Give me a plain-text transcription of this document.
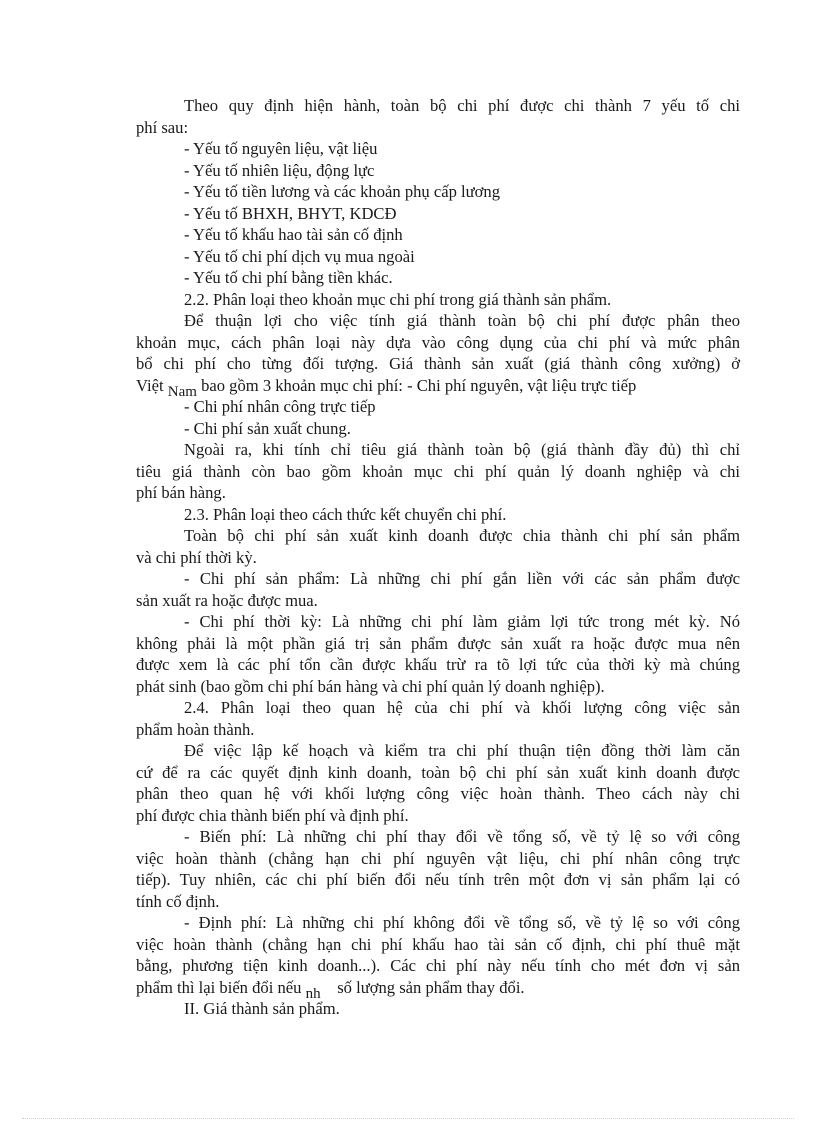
Theo quy định hiện hành, toàn bộ chi phí được chi thành 7 yếu tố chi
phí sau:
- Yếu tố nguyên liệu, vật liệu
- Yếu tố nhiên liệu, động lực
- Yếu tố tiền lương và các khoản phụ cấp lương
- Yếu tố BHXH, BHYT, KDCĐ
- Yếu tố khấu hao tài sản cố định
- Yếu tố chi phí dịch vụ mua ngoài
- Yếu tố chi phí bằng tiền khác.
2.2. Phân loại theo khoản mục chi phí trong giá thành sản phẩm.
Để thuận lợi cho việc tính giá thành toàn bộ chi phí được phân theo
khoản mục, cách phân loại này dựa vào công dụng của chi phí và mức phân
bổ chi phí cho từng đối tượng. Giá thành sản xuất (giá thành công xưởng) ở
Việt Nam bao gồm 3 khoản mục chi phí: - Chi phí nguyên, vật liệu trực tiếp
- Chi phí nhân công trực tiếp
- Chi phí sản xuất chung.
Ngoài ra, khi tính chỉ tiêu giá thành toàn bộ (giá thành đầy đủ) thì chỉ
tiêu giá thành còn bao gồm khoản mục chi phí quản lý doanh nghiệp và chi
phí bán hàng.
2.3. Phân loại theo cách thức kết chuyển chi phí.
Toàn bộ chi phí sản xuất kinh doanh được chia thành chi phí sản phẩm
và chi phí thời kỳ.
- Chi phí sản phẩm: Là những chi phí gắn liền với các sản phẩm được
sản xuất ra hoặc được mua.
- Chi phí thời kỳ: Là những chi phí làm giảm lợi tức trong mét kỳ. Nó
không phải là một phần giá trị sản phẩm được sản xuất ra hoặc được mua nên
được xem là các phí tổn cần được khấu trừ ra tõ lợi tức của thời kỳ mà chúng
phát sinh (bao gồm chi phí bán hàng và chi phí quản lý doanh nghiệp).
2.4. Phân loại theo quan hệ của chi phí và khối lượng công việc sản
phẩm hoàn thành.
Để việc lập kế hoạch và kiểm tra chi phí thuận tiện đồng thời làm căn
cứ để ra các quyết định kinh doanh, toàn bộ chi phí sản xuất kinh doanh được
phân theo quan hệ với khối lượng công việc hoàn thành. Theo cách này chi
phí được chia thành biến phí và định phí.
- Biến phí: Là những chi phí thay đổi về tổng số, về tỷ lệ so với công
việc hoàn thành (chẳng hạn chi phí nguyên vật liệu, chi phí nhân công trực
tiếp). Tuy nhiên, các chi phí biến đổi nếu tính trên một đơn vị sản phẩm lại có
tính cố định.
- Định phí: Là những chi phí không đổi về tổng số, về tỷ lệ so với công
việc hoàn thành (chẳng hạn chi phí khấu hao tài sản cố định, chi phí thuê mặt
bằng, phương tiện kinh doanh...). Các chi phí này nếu tính cho mét đơn vị sản
phẩm thì lại biến đổi nếu nh số lượng sản phẩm thay đổi.
II. Giá thành sản phẩm.
